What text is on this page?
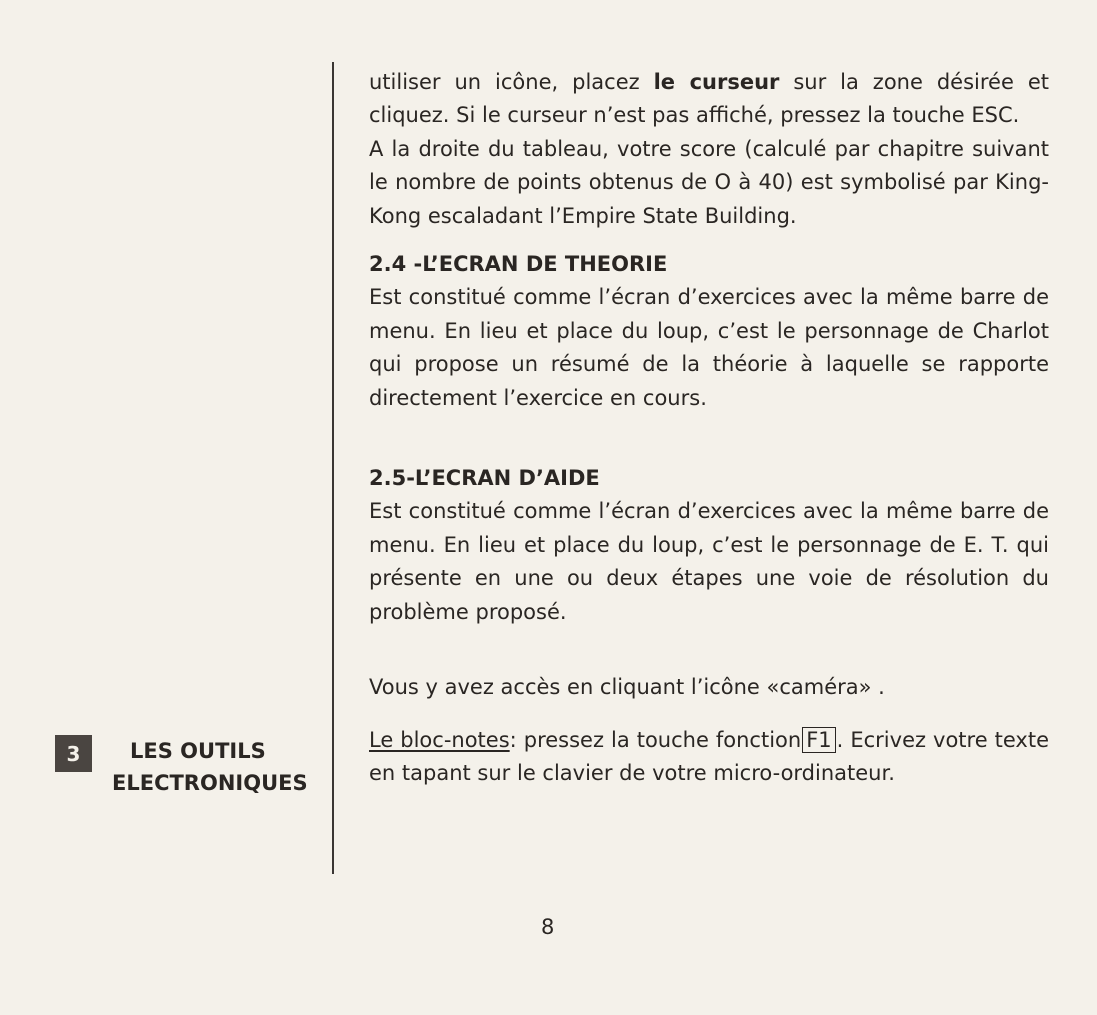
utiliser un icône, placez le curseur sur la zone désirée et cliquez. Si le curseur n’est pas affiché, pressez la touche ESC.

A la droite du tableau, votre score (calculé par chapitre suivant le nombre de points obtenus de O à 40) est symbolisé par King-Kong escaladant l’Empire State Building.

2.4 -L’ECRAN DE THEORIE

Est constitué comme l’écran d’exercices avec la même barre de menu. En lieu et place du loup, c’est le personnage de Charlot qui propose un résumé de la théorie à laquelle se rapporte directement l’exercice en cours.

2.5-L’ECRAN D’AIDE

Est constitué comme l’écran d’exercices avec la même barre de menu. En lieu et place du loup, c’est le personnage de E. T. qui présente en une ou deux étapes une voie de résolution du problème proposé.

Vous y avez accès en cliquant l’icône «caméra» .

Le bloc-notes: pressez la touche fonction F1 . Ecrivez votre texte en tapant sur le clavier de votre micro-ordinateur.

3	LES OUTILS
ELECTRONIQUES
8
